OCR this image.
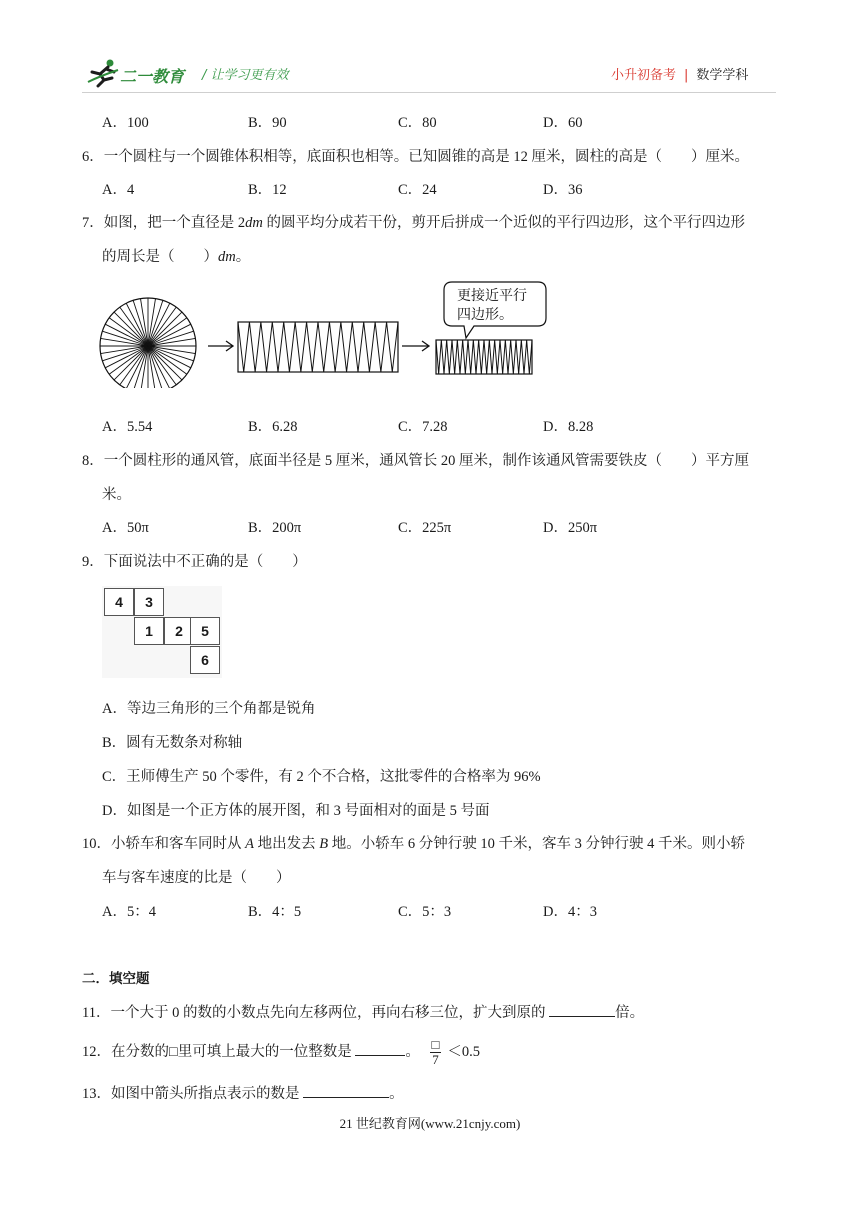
二一教育 / 让学习更有效	小升初备考 | 数学学科
A．100	B．90	C．80	D．60
6．一个圆柱与一个圆锥体积相等，底面积也相等。已知圆锥的高是 12 厘米，圆柱的高是（　　）厘米。
A．4	B．12	C．24	D．36
7．如图，把一个直径是 2dm 的圆平均分成若干份，剪开后拼成一个近似的平行四边形，这个平行四边形
的周长是（　　）dm。
更接近平行
四边形。
A．5.54	B．6.28	C．7.28	D．8.28
8．一个圆柱形的通风管，底面半径是 5 厘米，通风管长 20 厘米，制作该通风管需要铁皮（　　）平方厘
米。
A．50π	B．200π	C．225π	D．250π
9．下面说法中不正确的是（　　）
4	3
1	2	5
6
A．等边三角形的三个角都是锐角
B．圆有无数条对称轴
C．王师傅生产 50 个零件，有 2 个不合格，这批零件的合格率为 96%
D．如图是一个正方体的展开图，和 3 号面相对的面是 5 号面
10．小轿车和客车同时从 A 地出发去 B 地。小轿车 6 分钟行驶 10 千米，客车 3 分钟行驶 4 千米。则小轿
车与客车速度的比是（　　）
A．5：4	B．4：5	C．5：3	D．4：3
二．填空题
11．一个大于 0 的数的小数点先向左移两位，再向右移三位，扩大到原的	倍。
12．在分数的□里可填上最大的一位整数是	。 $\frac{□}{7} <0.5$
13．如图中箭头所指点表示的数是	。
21 世纪教育网(www.21cnjy.com)
